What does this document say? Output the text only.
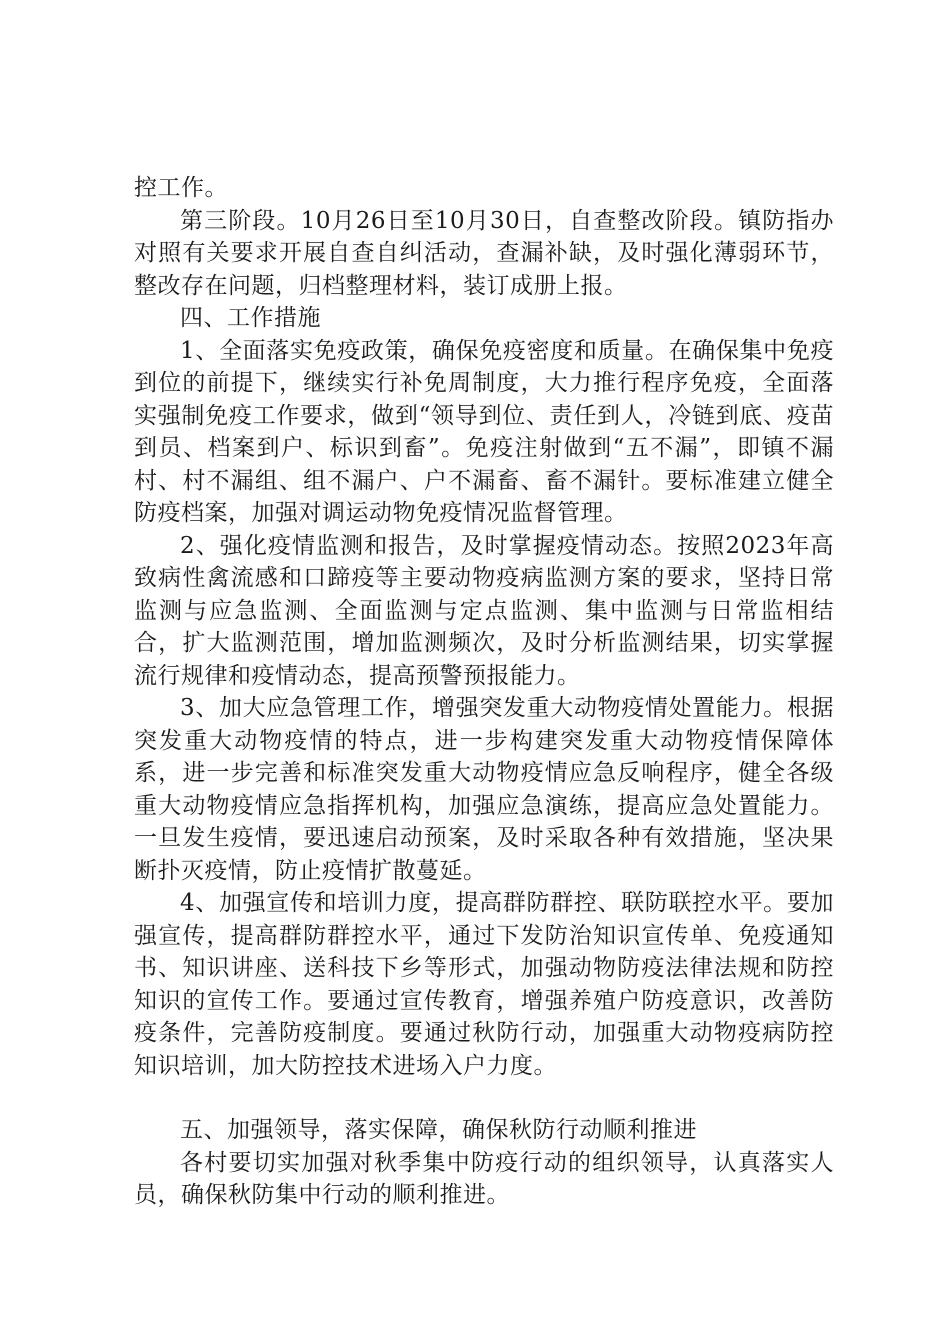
控工作。

第三阶段。10月26日至10月30日，自查整改阶段。镇防指办对照有关要求开展自查自纠活动，查漏补缺，及时强化薄弱环节，整改存在问题，归档整理材料，装订成册上报。

四、工作措施

1、全面落实免疫政策，确保免疫密度和质量。在确保集中免疫到位的前提下，继续实行补免周制度，大力推行程序免疫，全面落实强制免疫工作要求，做到“领导到位、责任到人，冷链到底、疫苗到员、档案到户、标识到畜”。免疫注射做到“五不漏”，即镇不漏村、村不漏组、组不漏户、户不漏畜、畜不漏针。要标准建立健全防疫档案，加强对调运动物免疫情况监督管理。

2、强化疫情监测和报告，及时掌握疫情动态。按照2023年高致病性禽流感和口蹄疫等主要动物疫病监测方案的要求，坚持日常监测与应急监测、全面监测与定点监测、集中监测与日常监相结合，扩大监测范围，增加监测频次，及时分析监测结果，切实掌握流行规律和疫情动态，提高预警预报能力。

3、加大应急管理工作，增强突发重大动物疫情处置能力。根据突发重大动物疫情的特点，进一步构建突发重大动物疫情保障体系，进一步完善和标准突发重大动物疫情应急反响程序，健全各级重大动物疫情应急指挥机构，加强应急演练，提高应急处置能力。一旦发生疫情，要迅速启动预案，及时采取各种有效措施，坚决果断扑灭疫情，防止疫情扩散蔓延。

4、加强宣传和培训力度，提高群防群控、联防联控水平。要加强宣传，提高群防群控水平，通过下发防治知识宣传单、免疫通知书、知识讲座、送科技下乡等形式，加强动物防疫法律法规和防控知识的宣传工作。要通过宣传教育，增强养殖户防疫意识，改善防疫条件，完善防疫制度。要通过秋防行动，加强重大动物疫病防控知识培训，加大防控技术进场入户力度。

五、加强领导，落实保障，确保秋防行动顺利推进

各村要切实加强对秋季集中防疫行动的组织领导，认真落实人员，确保秋防集中行动的顺利推进。
